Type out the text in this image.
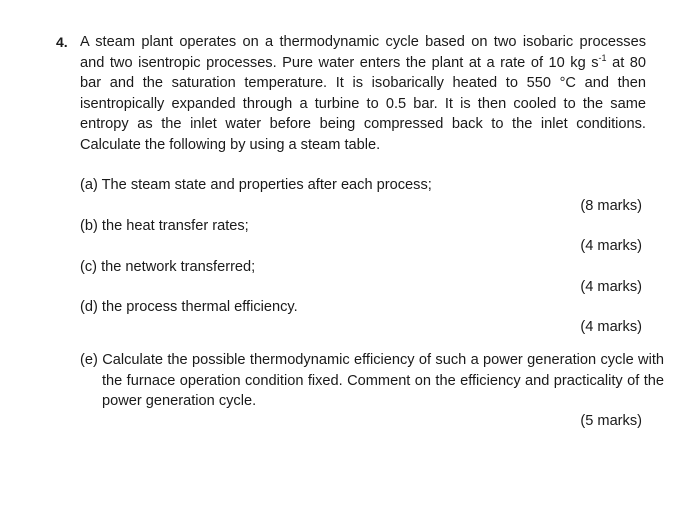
4. A steam plant operates on a thermodynamic cycle based on two isobaric processes and two isentropic processes. Pure water enters the plant at a rate of 10 kg $s^{-1}$ at 80 bar and the saturation temperature. It is isobarically heated to 550 °C and then isentropically expanded through a turbine to 0.5 bar. It is then cooled to the same entropy as the inlet water before being compressed back to the inlet conditions. Calculate the following by using a steam table.
(a) The steam state and properties after each process;
(8 marks)
(b) the heat transfer rates;
(4 marks)
(c) the network transferred;
(4 marks)
(d) the process thermal efficiency.
(4 marks)
(e) Calculate the possible thermodynamic efficiency of such a power generation cycle with the furnace operation condition fixed. Comment on the efficiency and practicality of the power generation cycle.
(5 marks)
